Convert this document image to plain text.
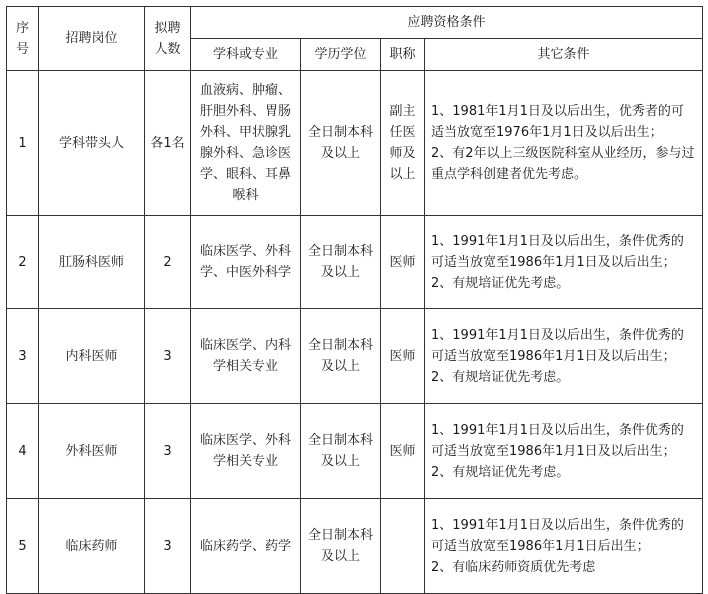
序号	招聘岗位	拟聘人数	应聘资格条件			
			学科或专业	学历学位	职称	其它条件
1	学科带头人	各1名	血液病、肿瘤、肝胆外科、胃肠外科、甲状腺乳腺外科、急诊医学、眼科、耳鼻喉科	全日制本科及以上	副主任医师及以上	1、1981年1月1日及以后出生，优秀者的可适当放宽至1976年1月1日及以后出生；
2、有2年以上三级医院科室从业经历，参与过重点学科创建者优先考虑。

2	肛肠科医师	2	临床医学、外科学、中医外科学	全日制本科及以上	医师	1、1991年1月1日及以后出生，条件优秀的可适当放宽至1986年1月1日及以后出生；
2、有规培证优先考虑。

3	内科医师	3	临床医学、内科学相关专业	全日制本科及以上	医师	1、1991年1月1日及以后出生，条件优秀的可适当放宽至1986年1月1日及以后出生；
2、有规培证优先考虑。

4	外科医师	3	临床医学、外科学相关专业	全日制本科及以上	医师	1、1991年1月1日及以后出生，条件优秀的可适当放宽至1986年1月1日及以后出生；
2、有规培证优先考虑。

5	临床药师	3	临床药学、药学	全日制本科及以上		1、1991年1月1日及以后出生，条件优秀的可适当放宽至1986年1月1日后出生；
2、有临床药师资质优先考虑
